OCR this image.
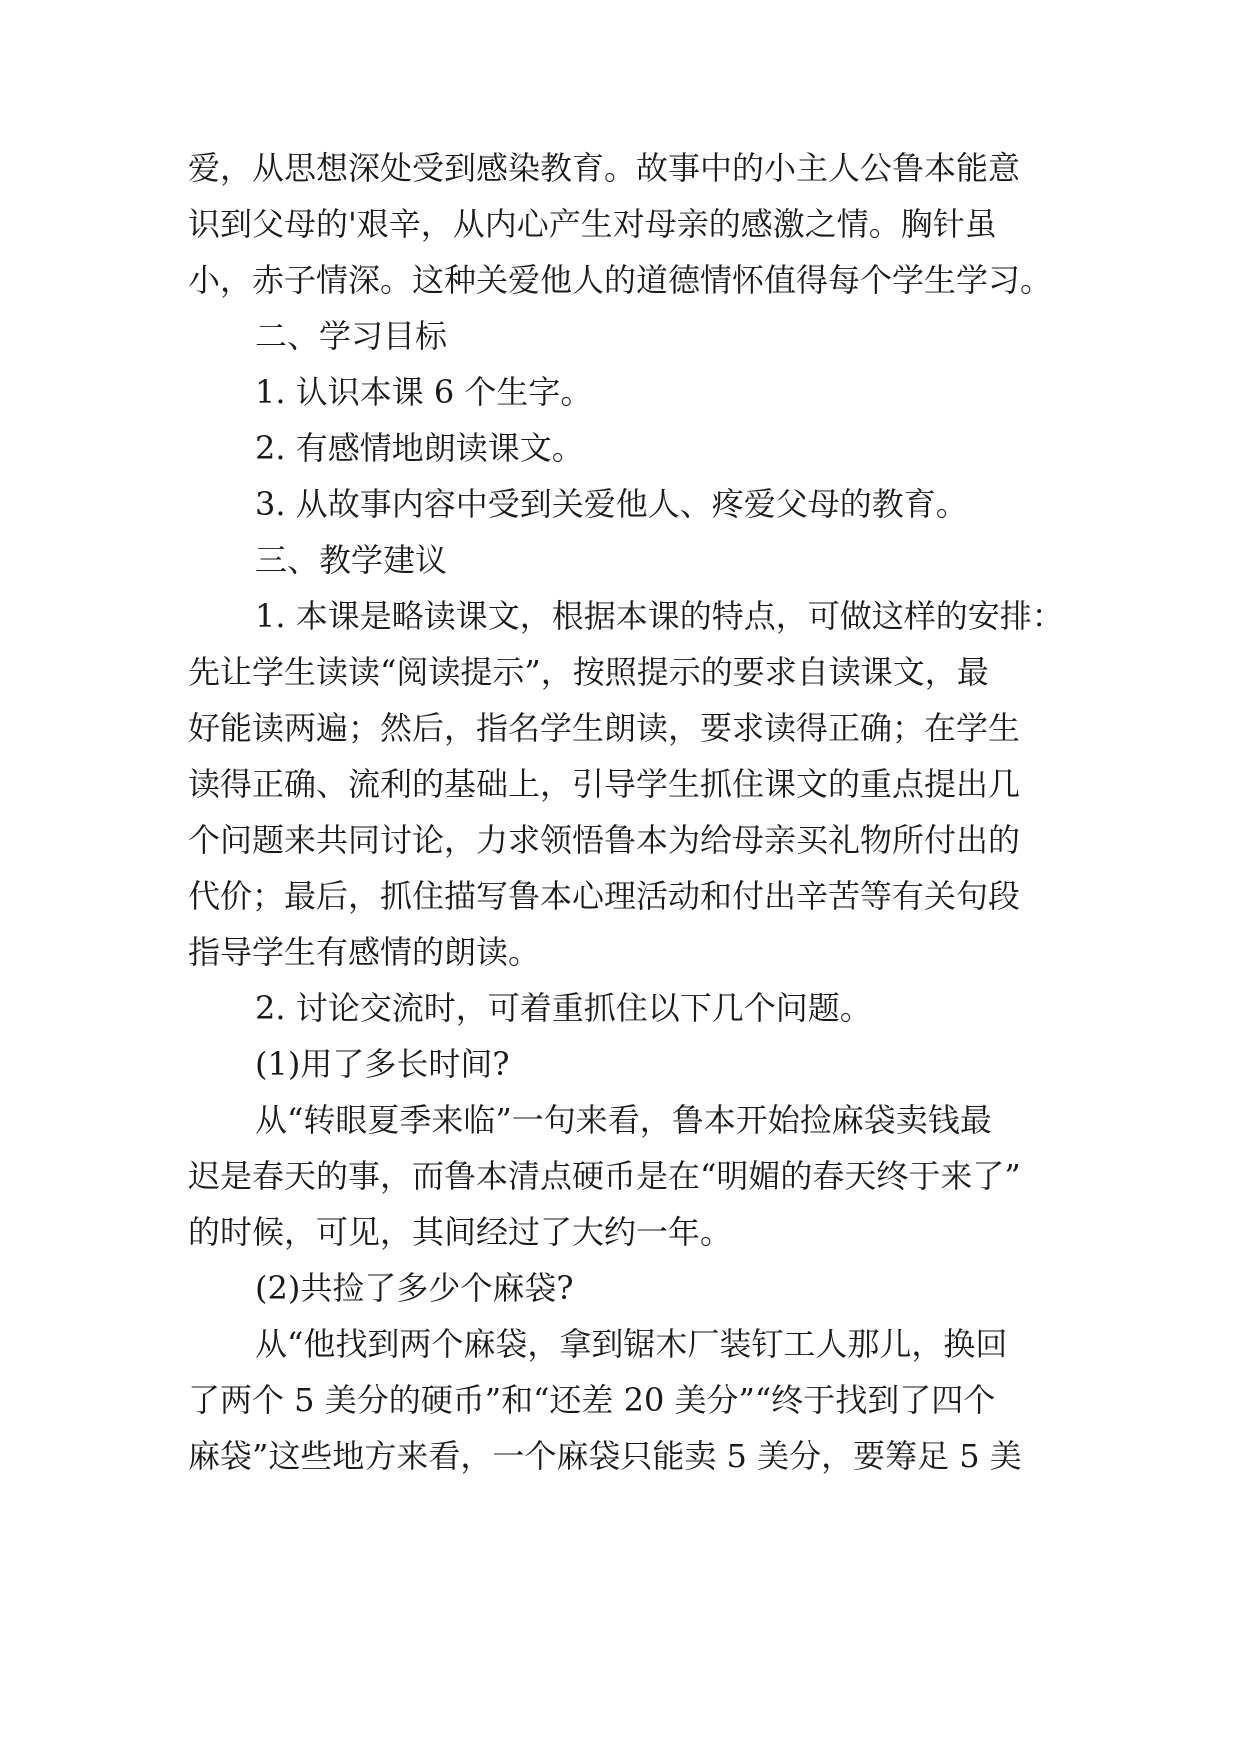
爱，从思想深处受到感染教育。故事中的小主人公鲁本能意
识到父母的'艰辛，从内心产生对母亲的感激之情。胸针虽
小，赤子情深。这种关爱他人的道德情怀值得每个学生学习。
二、学习目标
1. 认识本课 6 个生字。
2. 有感情地朗读课文。
3. 从故事内容中受到关爱他人、疼爱父母的教育。
三、教学建议
1. 本课是略读课文，根据本课的特点，可做这样的安排：
先让学生读读“阅读提示”，按照提示的要求自读课文，最
好能读两遍；然后，指名学生朗读，要求读得正确；在学生
读得正确、流利的基础上，引导学生抓住课文的重点提出几
个问题来共同讨论，力求领悟鲁本为给母亲买礼物所付出的
代价；最后，抓住描写鲁本心理活动和付出辛苦等有关句段
指导学生有感情的朗读。
2. 讨论交流时，可着重抓住以下几个问题。
(1)用了多长时间?
从“转眼夏季来临”一句来看，鲁本开始捡麻袋卖钱最
迟是春天的事，而鲁本清点硬币是在“明媚的春天终于来了”
的时候，可见，其间经过了大约一年。
(2)共捡了多少个麻袋?
从“他找到两个麻袋，拿到锯木厂装钉工人那儿，换回
了两个 5 美分的硬币”和“还差 20 美分”“终于找到了四个
麻袋”这些地方来看，一个麻袋只能卖 5 美分，要筹足 5 美
